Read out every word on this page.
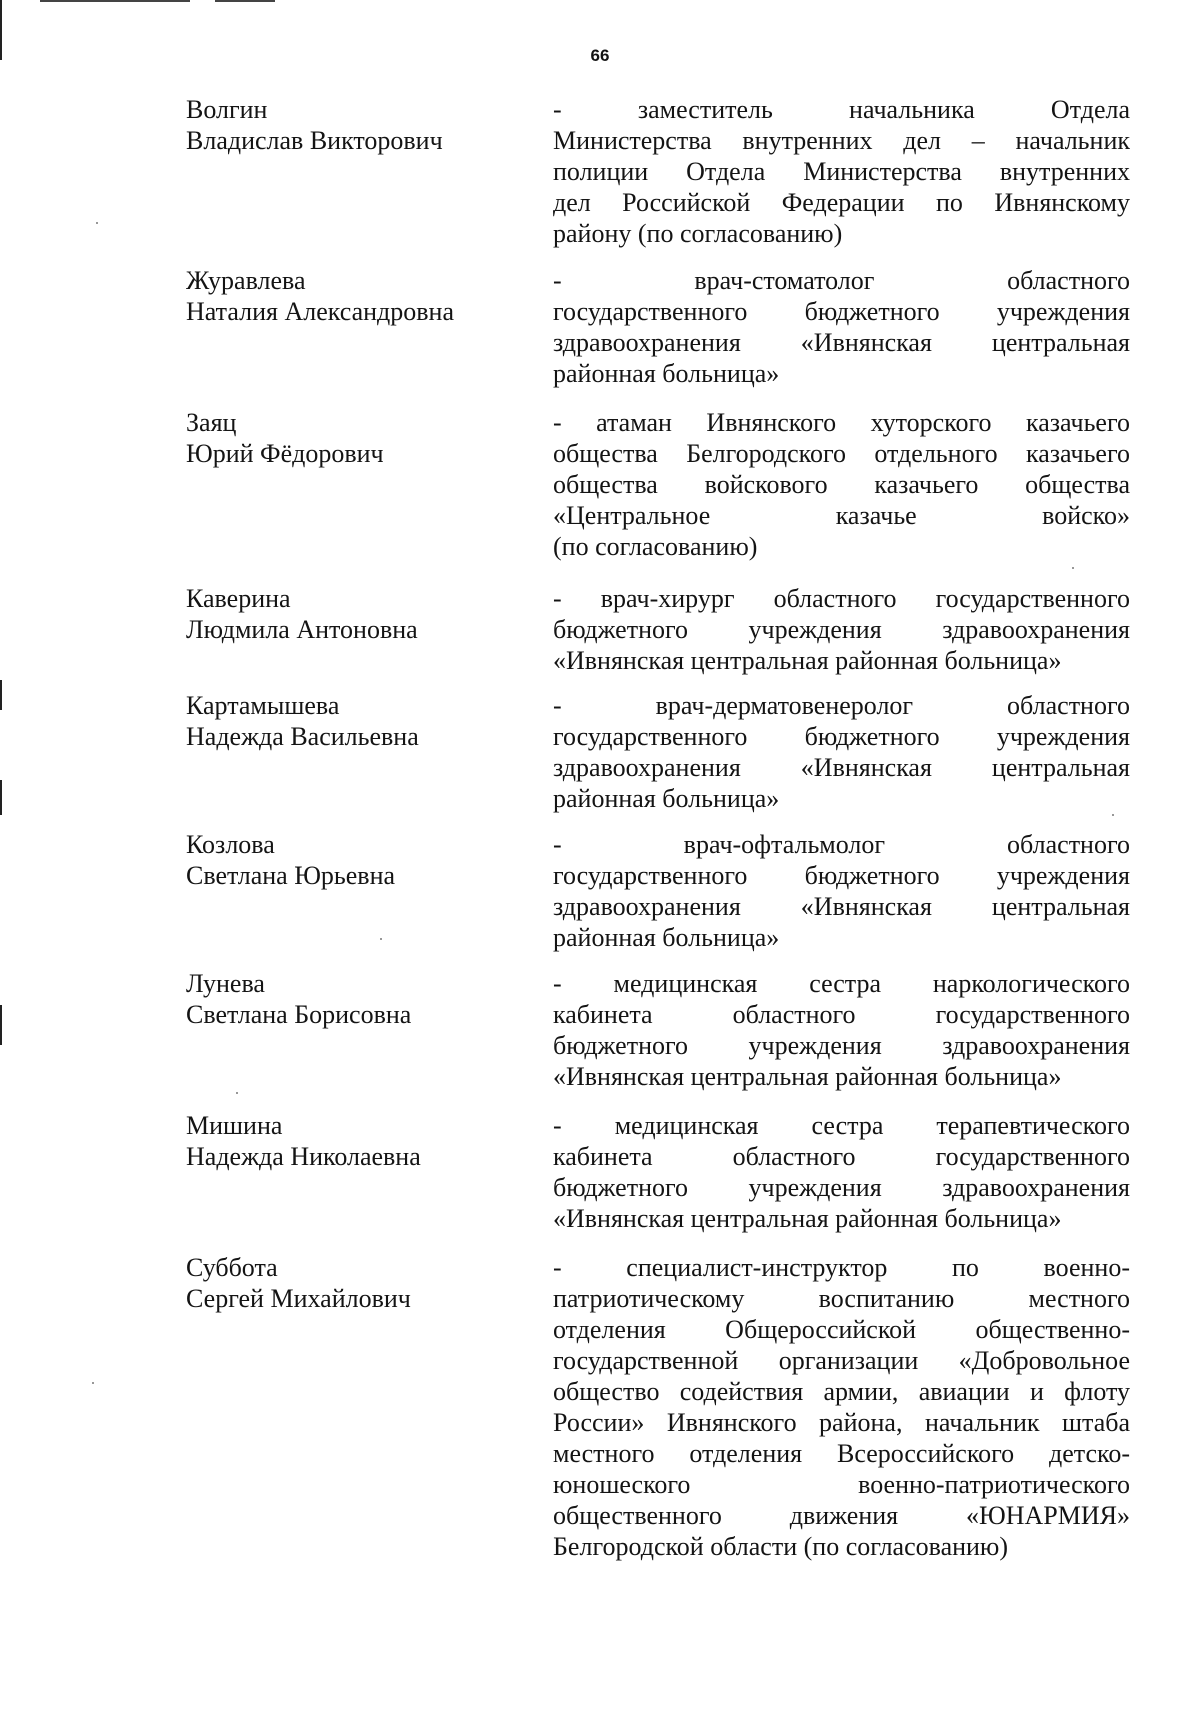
66
Волгин
Владислав Викторович
- заместитель начальника Отдела
Министерства внутренних дел – начальник
полиции Отдела Министерства внутренних
дел Российской Федерации по Ивнянскому
району (по согласованию)
Журавлева
Наталия Александровна
- врач-стоматолог областного
государственного бюджетного учреждения
здравоохранения «Ивнянская центральная
районная больница»
Заяц
Юрий Фёдорович
- атаман Ивнянского хуторского казачьего
общества Белгородского отдельного казачьего
общества войскового казачьего общества
«Центральное казачье войско»
(по согласованию)
Каверина
Людмила Антоновна
- врач-хирург областного государственного
бюджетного учреждения здравоохранения
«Ивнянская центральная районная больница»
Картамышева
Надежда Васильевна
- врач-дерматовенеролог областного
государственного бюджетного учреждения
здравоохранения «Ивнянская центральная
районная больница»
Козлова
Светлана Юрьевна
- врач-офтальмолог областного
государственного бюджетного учреждения
здравоохранения «Ивнянская центральная
районная больница»
Лунева
Светлана Борисовна
- медицинская сестра наркологического
кабинета областного государственного
бюджетного учреждения здравоохранения
«Ивнянская центральная районная больница»
Мишина
Надежда Николаевна
- медицинская сестра терапевтического
кабинета областного государственного
бюджетного учреждения здравоохранения
«Ивнянская центральная районная больница»
Суббота
Сергей Михайлович
- специалист-инструктор по военно-
патриотическому воспитанию местного
отделения Общероссийской общественно-
государственной организации «Добровольное
общество содействия армии, авиации и флоту
России» Ивнянского района, начальник штаба
местного отделения Всероссийского детско-
юношеского военно-патриотического
общественного движения «ЮНАРМИЯ»
Белгородской области (по согласованию)
